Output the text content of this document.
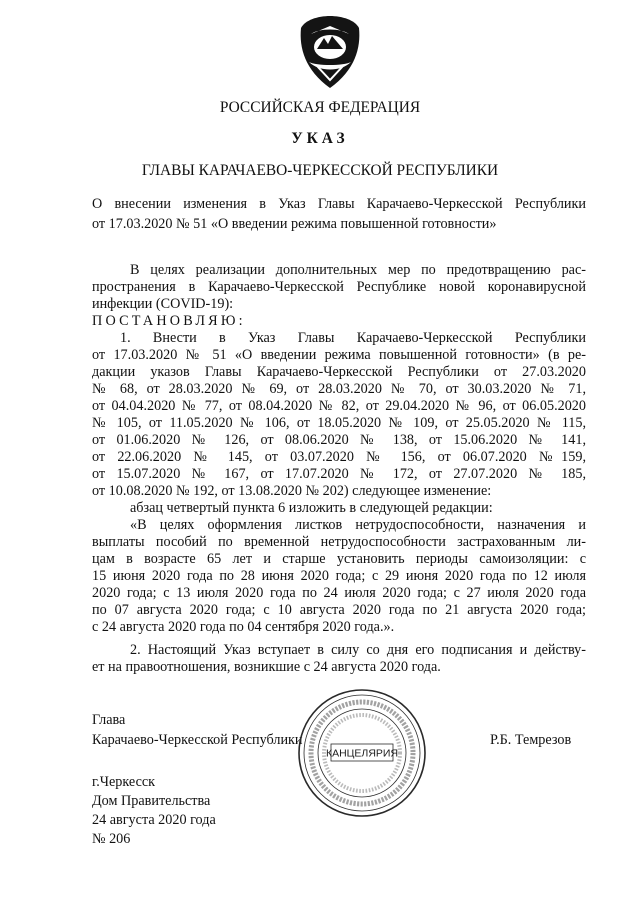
РОССИЙСКАЯ ФЕДЕРАЦИЯ
УКАЗ
ГЛАВЫ КАРАЧАЕВО-ЧЕРКЕССКОЙ РЕСПУБЛИКИ
О внесении изменения в Указ Главы Карачаево-Черкесской Республики
от 17.03.2020 № 51 «О введении режима повышенной готовности»
В целях реализации дополнительных мер по предотвращению рас-
пространения в Карачаево-Черкесской Республике новой коронавирусной
инфекции (COVID-19):
ПОСТАНОВЛЯЮ:
1. Внести в Указ Главы Карачаево-Черкесской Республики
от 17.03.2020 № 51 «О введении режима повышенной готовности» (в ре-
дакции указов Главы Карачаево-Черкесской Республики от 27.03.2020
№ 68, от 28.03.2020 № 69, от 28.03.2020 № 70, от 30.03.2020 № 71,
от 04.04.2020 № 77, от 08.04.2020 № 82, от 29.04.2020 № 96, от 06.05.2020
№ 105, от 11.05.2020 № 106, от 18.05.2020 № 109, от 25.05.2020 № 115,
от 01.06.2020 № 126, от 08.06.2020 № 138, от 15.06.2020 № 141,
от 22.06.2020 № 145, от 03.07.2020 № 156, от 06.07.2020 №159,
от 15.07.2020 № 167, от 17.07.2020 № 172, от 27.07.2020 № 185,
от 10.08.2020 № 192, от 13.08.2020 № 202) следующее изменение:
абзац четвертый пункта 6 изложить в следующей редакции:
«В целях оформления листков нетрудоспособности, назначения и
выплаты пособий по временной нетрудоспособности застрахованным ли-
цам в возрасте 65 лет и старше установить периоды самоизоляции: с
15 июня 2020 года по 28 июня 2020 года; с 29 июня 2020 года по 12 июля
2020 года; с 13 июля 2020 года по 24 июля 2020 года; с 27 июля 2020 года
по 07 августа 2020 года; с 10 августа 2020 года по 21 августа 2020 года;
с 24 августа 2020 года по 04 сентября 2020 года.».
2. Настоящий Указ вступает в силу со дня его подписания и действу-
ет на правоотношения, возникшие с 24 августа 2020 года.
Глава
Карачаево-Черкесской Республики	Р.Б. Темрезов
КАНЦЕЛЯРИЯ
г.Черкесск
Дом Правительства
24 августа 2020 года
№ 206
